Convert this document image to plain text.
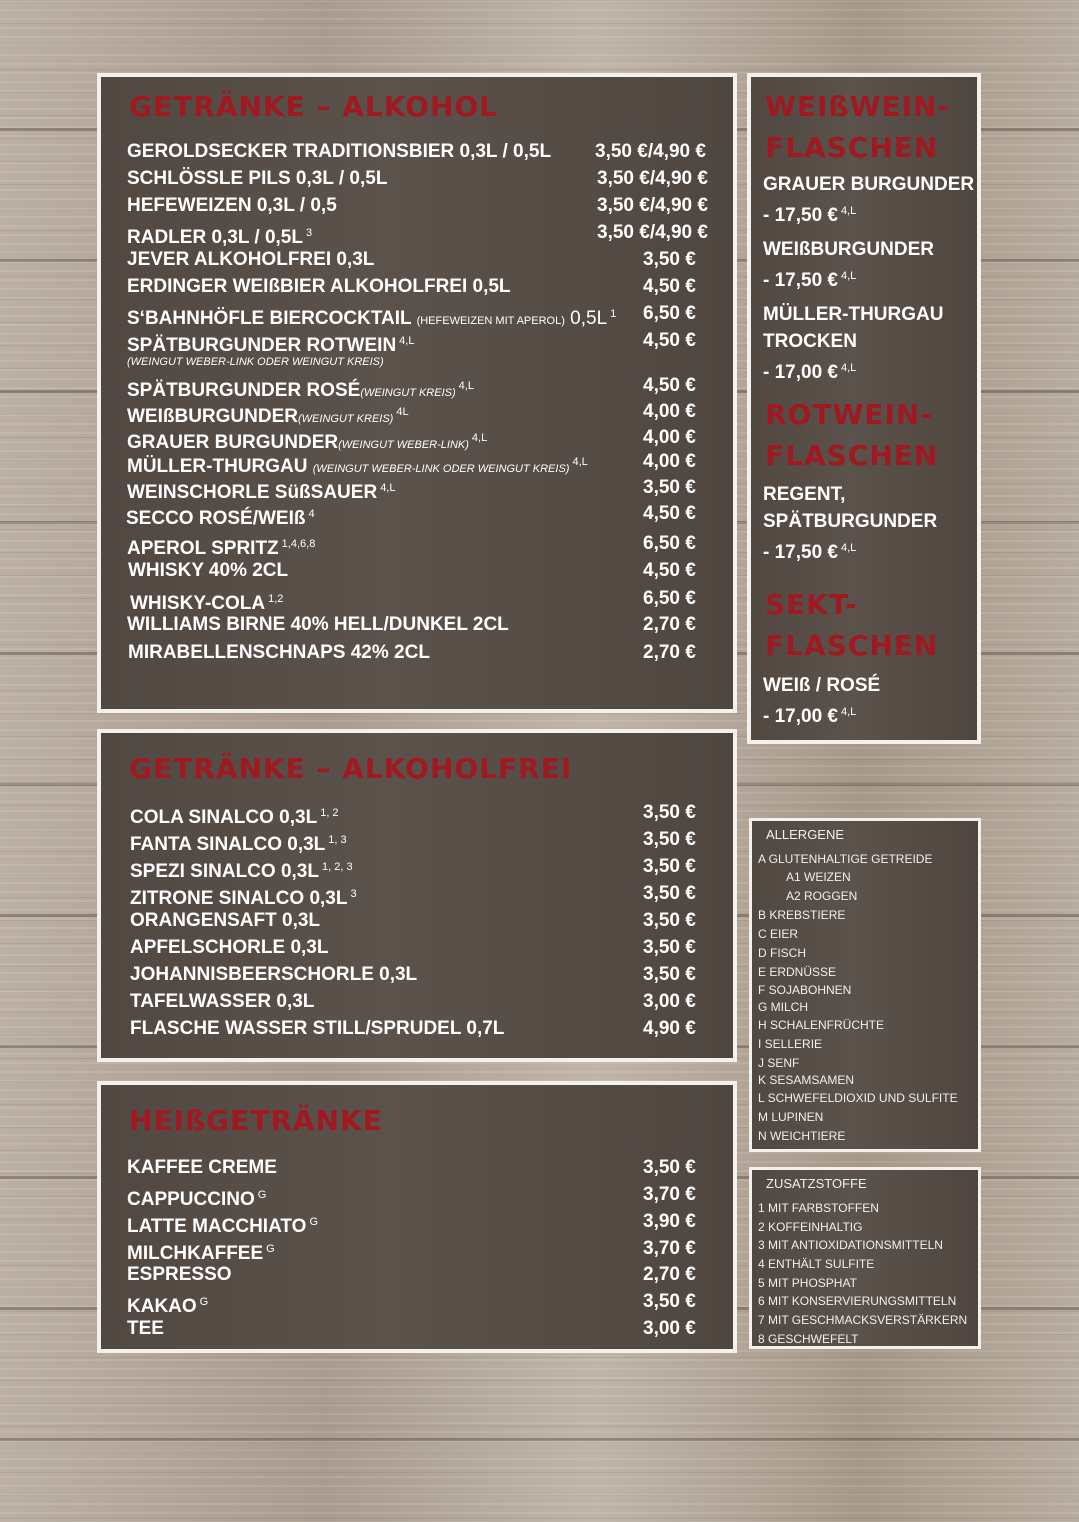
GETRÄNKE – ALKOHOL
GEROLDSECKER TRADITIONSBIER 0,3L / 0,5L 3,50 €/4,90 €
SCHLÖSSLE PILS 0,3L / 0,5L	3,50 €/4,90 €
HEFEWEIZEN 0,3L / 0,5	3,50 €/4,90 €
RADLER 0,3L / 0,5L $^3$	3,50 €/4,90 €
JEVER ALKOHOLFREI 0,3L	3,50 €
ERDINGER WEIßBIER ALKOHOLFREI 0,5L	4,50 €
S‘BAHNHÖFLE BIERCOCKTAIL (HEFEWEIZEN MIT APEROL) 0,5L $^1$ 6,50 €
SPÄTBURGUNDER ROTWEIN $^{4,L}$	4,50 €
(WEINGUT WEBER-LINK ODER WEINGUT KREIS)
SPÄTBURGUNDER ROSÉ(WEINGUT KREIS)$^{4,L}$	4,50 €
WEIßBURGUNDER(WEINGUT KREIS)$^{4L}$	4,00 €
GRAUER BURGUNDER(WEINGUT WEBER-LINK)$^{4,L}$	4,00 €
MÜLLER-THURGAU (WEINGUT WEBER-LINK ODER WEINGUT KREIS)$^{4,L}$	4,00 €
WEINSCHORLE SüßSAUER $^{4,L}$	3,50 €
SECCO ROSÉ/WEIß $^4$	4,50 €
APEROL SPRITZ $^{1,4,6,8}$	6,50 €
WHISKY 40% 2CL	4,50 €
WHISKY-COLA $^{1,2}$	6,50 €
WILLIAMS BIRNE 40% HELL/DUNKEL 2CL	2,70 €
MIRABELLENSCHNAPS 42% 2CL	2,70 €
WEIßWEIN-
FLASCHEN
GRAUER BURGUNDER
- 17,50 € $^{4,L}$
WEIßBURGUNDER
- 17,50 € $^{4,L}$
MÜLLER-THURGAU
TROCKEN
- 17,00 € $^{4,L}$
ROTWEIN-
FLASCHEN
REGENT,
SPÄTBURGUNDER
- 17,50 € $^{4,L}$
SEKT-
FLASCHEN
WEIß / ROSÉ
- 17,00 € $^{4,L}$
GETRÄNKE – ALKOHOLFREI
COLA SINALCO 0,3L $^{1, 2}$	3,50 €
FANTA SINALCO 0,3L $^{1, 3}$	3,50 €
SPEZI SINALCO 0,3L $^{1, 2, 3}$	3,50 €
ZITRONE SINALCO 0,3L $^3$	3,50 €
ORANGENSAFT 0,3L	3,50 €
APFELSCHORLE 0,3L	3,50 €
JOHANNISBEERSCHORLE 0,3L	3,50 €
TAFELWASSER 0,3L	3,00 €
FLASCHE WASSER STILL/SPRUDEL 0,7L	4,90 €
HEIßGETRÄNKE
KAFFEE CREME	3,50 €
CAPPUCCINO $^G$	3,70 €
LATTE MACCHIATO $^G$	3,90 €
MILCHKAFFEE $^G$	3,70 €
ESPRESSO	2,70 €
KAKAO $^G$	3,50 €
TEE	3,00 €
ALLERGENE
A GLUTENHALTIGE GETREIDE
A1 WEIZEN
A2 ROGGEN
B KREBSTIERE
C EIER
D FISCH
E ERDNÜSSE
F SOJABOHNEN
G MILCH
H SCHALENFRÜCHTE
I SELLERIE
J SENF
K SESAMSAMEN
L SCHWEFELDIOXID UND SULFITE
M LUPINEN
N WEICHTIERE
ZUSATZSTOFFE
1 MIT FARBSTOFFEN
2 KOFFEINHALTIG
3 MIT ANTIOXIDATIONSMITTELN
4 ENTHÄLT SULFITE
5 MIT PHOSPHAT
6 MIT KONSERVIERUNGSMITTELN
7 MIT GESCHMACKSVERSTÄRKERN
8 GESCHWEFELT
